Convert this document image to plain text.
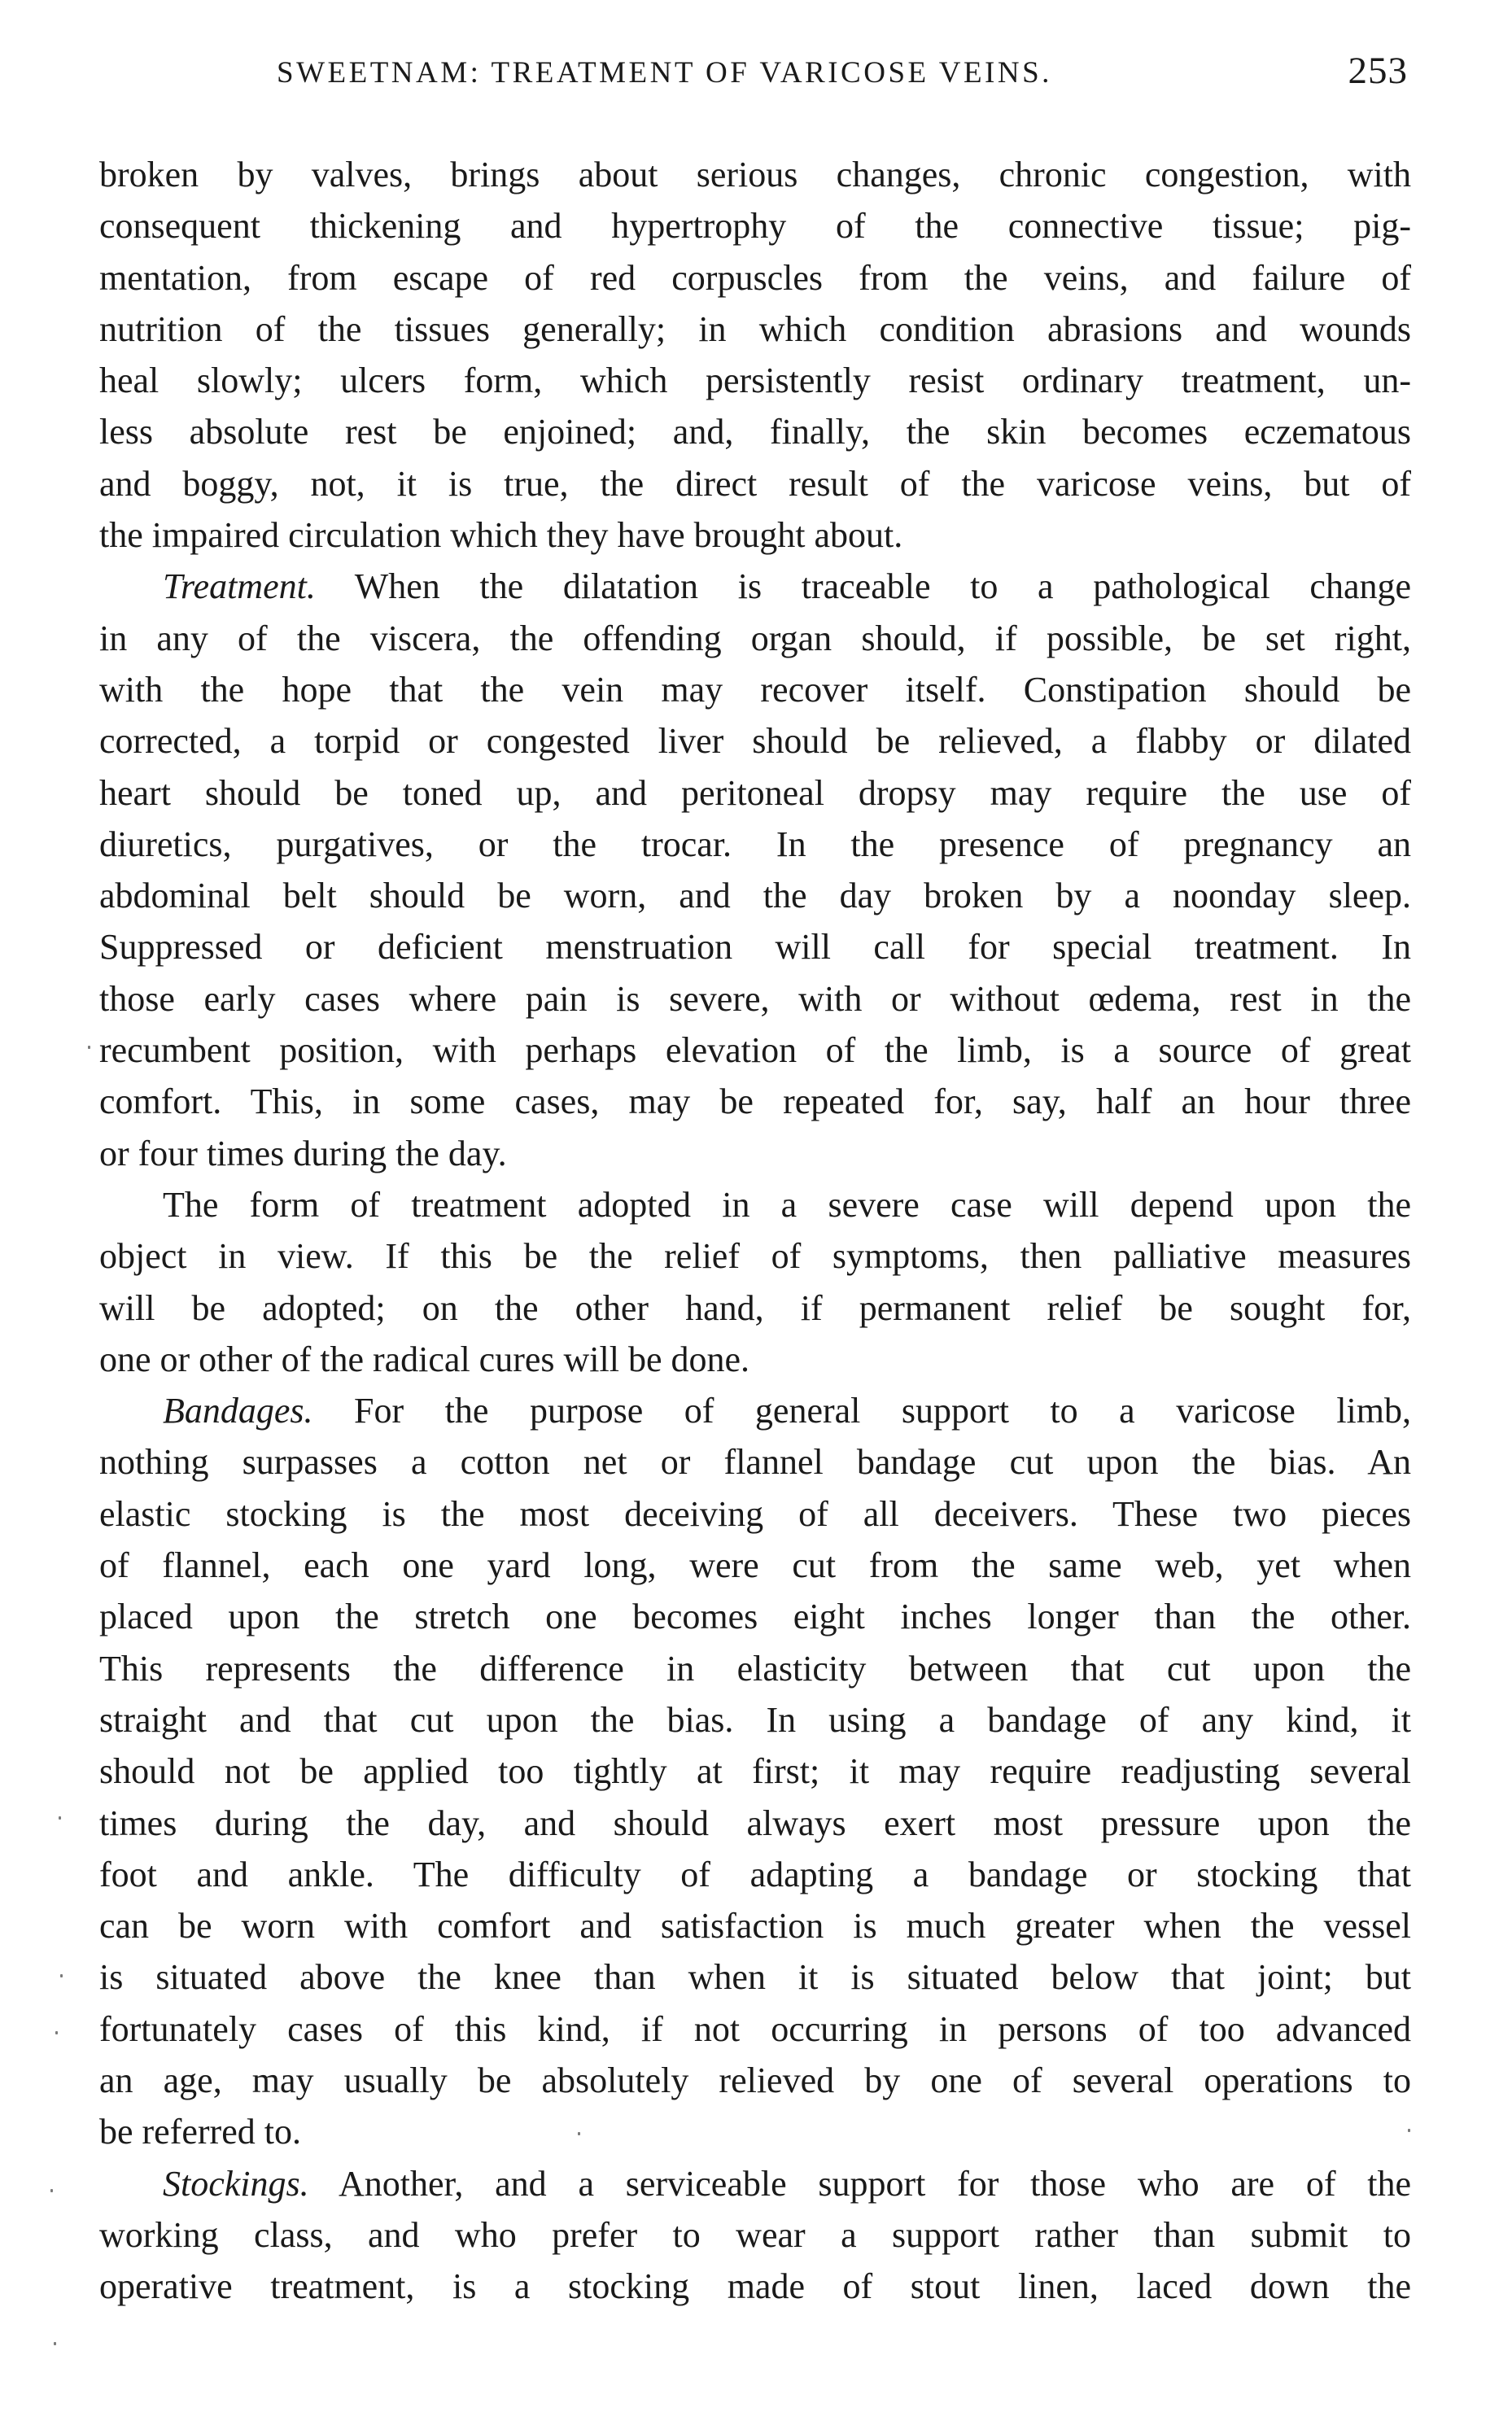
SWEETNAM: TREATMENT OF VARICOSE VEINS.	253
broken by valves, brings about serious changes, chronic congestion, with
consequent thickening and hypertrophy of the connective tissue; pig-
mentation, from escape of red corpuscles from the veins, and failure of
nutrition of the tissues generally; in which condition abrasions and wounds
heal slowly; ulcers form, which persistently resist ordinary treatment, un-
less absolute rest be enjoined; and, finally, the skin becomes eczematous
and boggy, not, it is true, the direct result of the varicose veins, but of
the impaired circulation which they have brought about.
Treatment. When the dilatation is traceable to a pathological change
in any of the viscera, the offending organ should, if possible, be set right,
with the hope that the vein may recover itself. Constipation should be
corrected, a torpid or congested liver should be relieved, a flabby or dilated
heart should be toned up, and peritoneal dropsy may require the use of
diuretics, purgatives, or the trocar. In the presence of pregnancy an
abdominal belt should be worn, and the day broken by a noonday sleep.
Suppressed or deficient menstruation will call for special treatment. In
those early cases where pain is severe, with or without œdema, rest in the
recumbent position, with perhaps elevation of the limb, is a source of great
comfort. This, in some cases, may be repeated for, say, half an hour three
or four times during the day.
The form of treatment adopted in a severe case will depend upon the
object in view. If this be the relief of symptoms, then palliative measures
will be adopted; on the other hand, if permanent relief be sought for,
one or other of the radical cures will be done.
Bandages. For the purpose of general support to a varicose limb,
nothing surpasses a cotton net or flannel bandage cut upon the bias. An
elastic stocking is the most deceiving of all deceivers. These two pieces
of flannel, each one yard long, were cut from the same web, yet when
placed upon the stretch one becomes eight inches longer than the other.
This represents the difference in elasticity between that cut upon the
straight and that cut upon the bias. In using a bandage of any kind, it
should not be applied too tightly at first; it may require readjusting several
times during the day, and should always exert most pressure upon the
foot and ankle. The difficulty of adapting a bandage or stocking that
can be worn with comfort and satisfaction is much greater when the vessel
is situated above the knee than when it is situated below that joint; but
fortunately cases of this kind, if not occurring in persons of too advanced
an age, may usually be absolutely relieved by one of several operations to
be referred to.
Stockings. Another, and a serviceable support for those who are of the
working class, and who prefer to wear a support rather than submit to
operative treatment, is a stocking made of stout linen, laced down the
